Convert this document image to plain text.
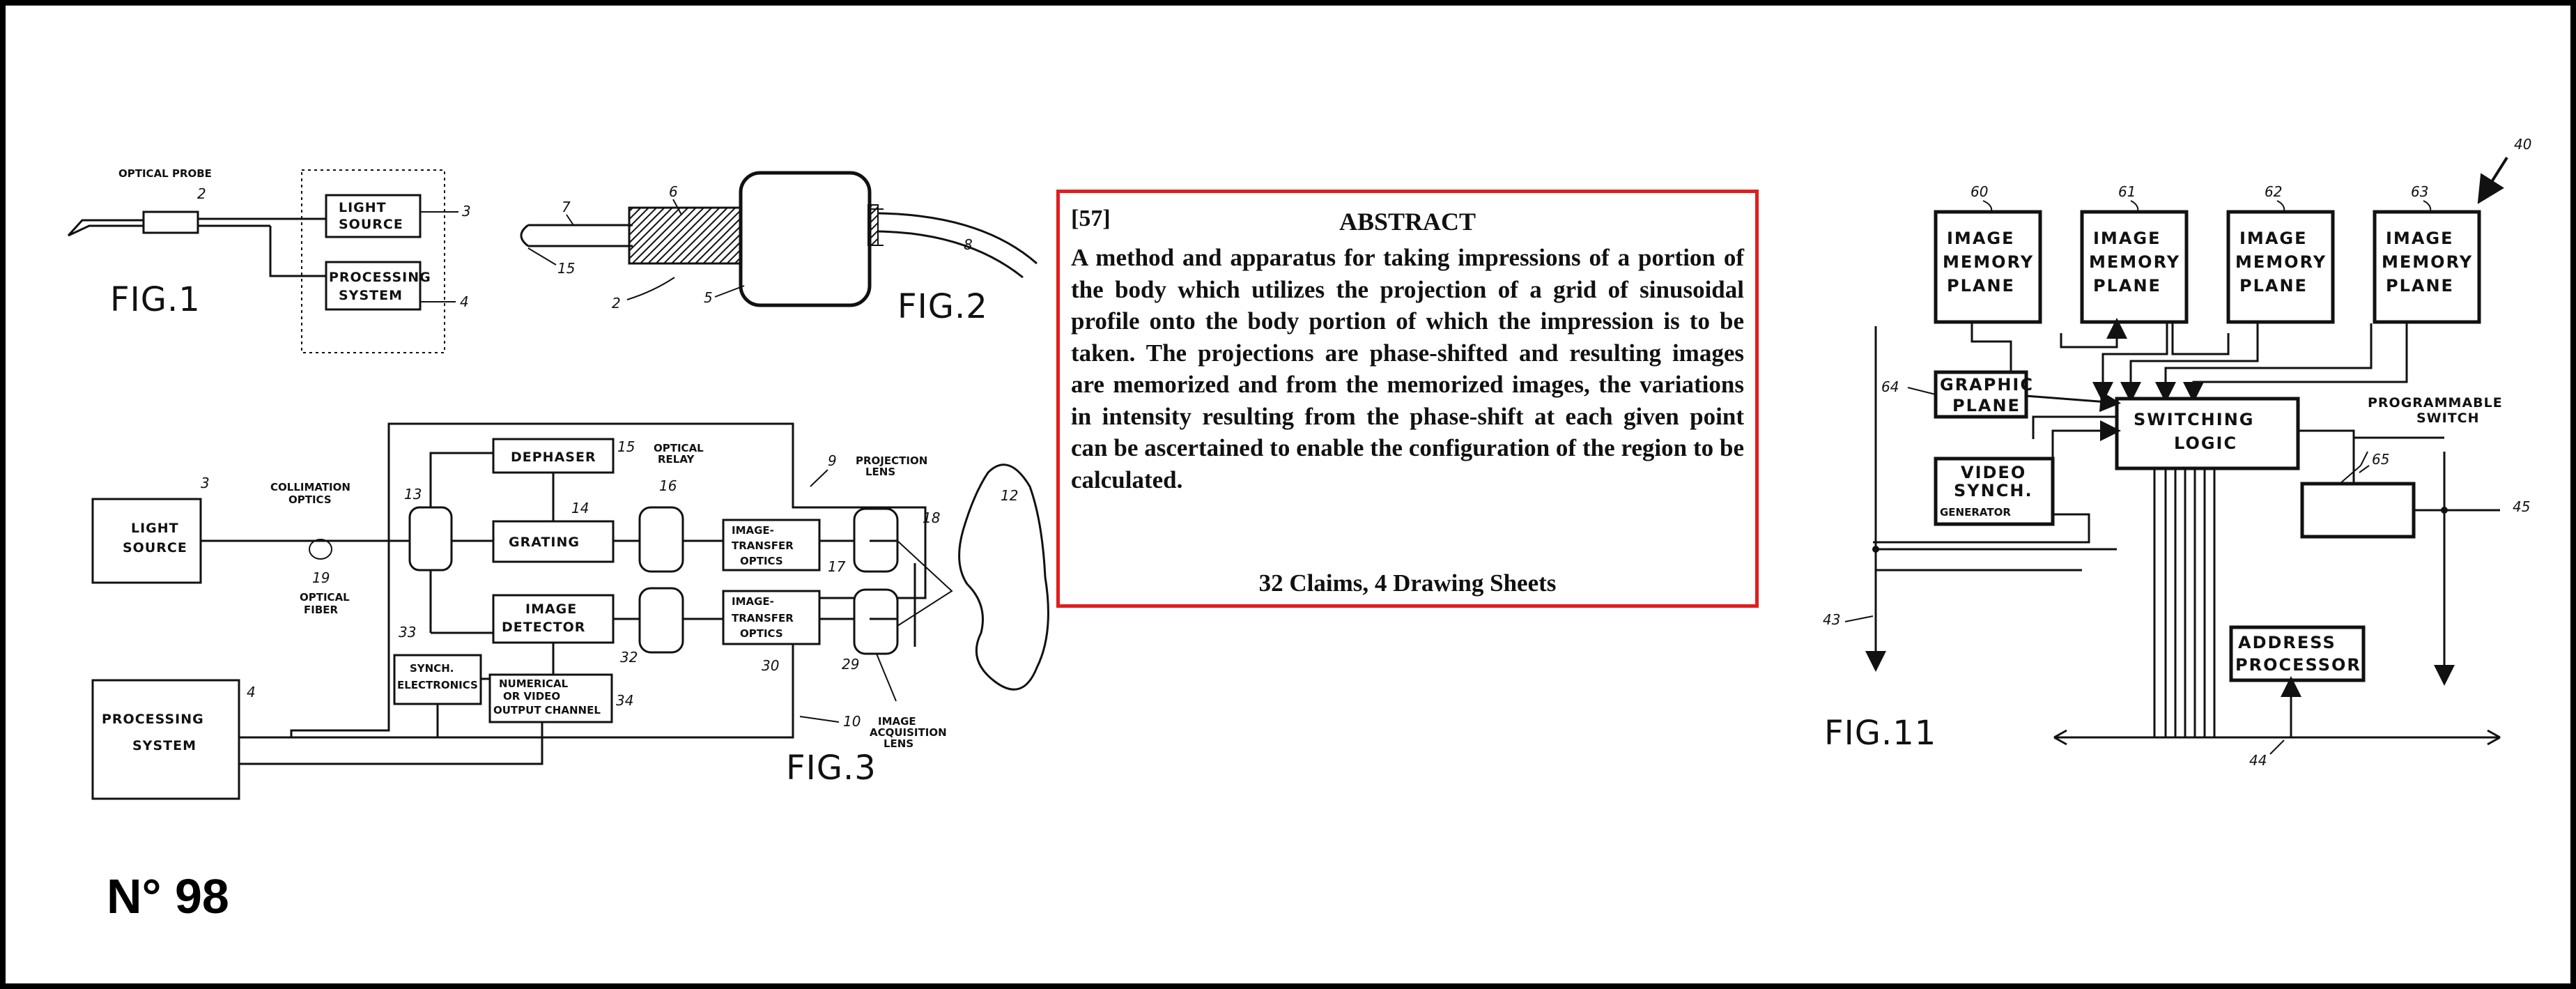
OPTICAL PROBE
2
LIGHT
SOURCE
3
PROCESSING
SYSTEM	4
FIG.1
7
6
15
2	5
8
FIG.2
LIGHT
SOURCE
3	COLLIMATION
OPTICS
19
OPTICAL
FIBER
13
DEPHASER
15
GRATING
14
OPTICAL
RELAY
16
IMAGE-
TRANSFER
OPTICS
9
17
PROJECTION
LENS
18
12
IMAGE
DETECTOR
IMAGE-
TRANSFER
OPTICS
30	29
32
IMAGE
ACQUISITION
LENS
10
SYNCH.
ELECTRONICS
33
NUMERICAL
OR VIDEO
OUTPUT CHANNEL
34
PROCESSING
SYSTEM
4
FIG.3
[57]	ABSTRACT
A method and apparatus for taking impressions of a portion of the body which utilizes the projection of a grid of sinusoidal profile onto the body portion of which the impression is to be taken. The projections are phase-shifted and resulting images are memorized and from the memorized images, the variations in intensity resulting from the phase-shift at each given point can be ascertained to enable the configuration of the region to be calculated.
32 Claims, 4 Drawing Sheets
IMAGE
MEMORY
PLANE
60
IMAGE
MEMORY
PLANE
61
IMAGE
MEMORY
PLANE
62
IMAGE
MEMORY
PLANE
63
40
SWITCHING
LOGIC
GRAPHIC
PLANE
64
VIDEO
SYNCH.
GENERATOR
PROGRAMMABLE
SWITCH
65
45
43
ADDRESS
PROCESSOR
44
FIG.11
N° 98
